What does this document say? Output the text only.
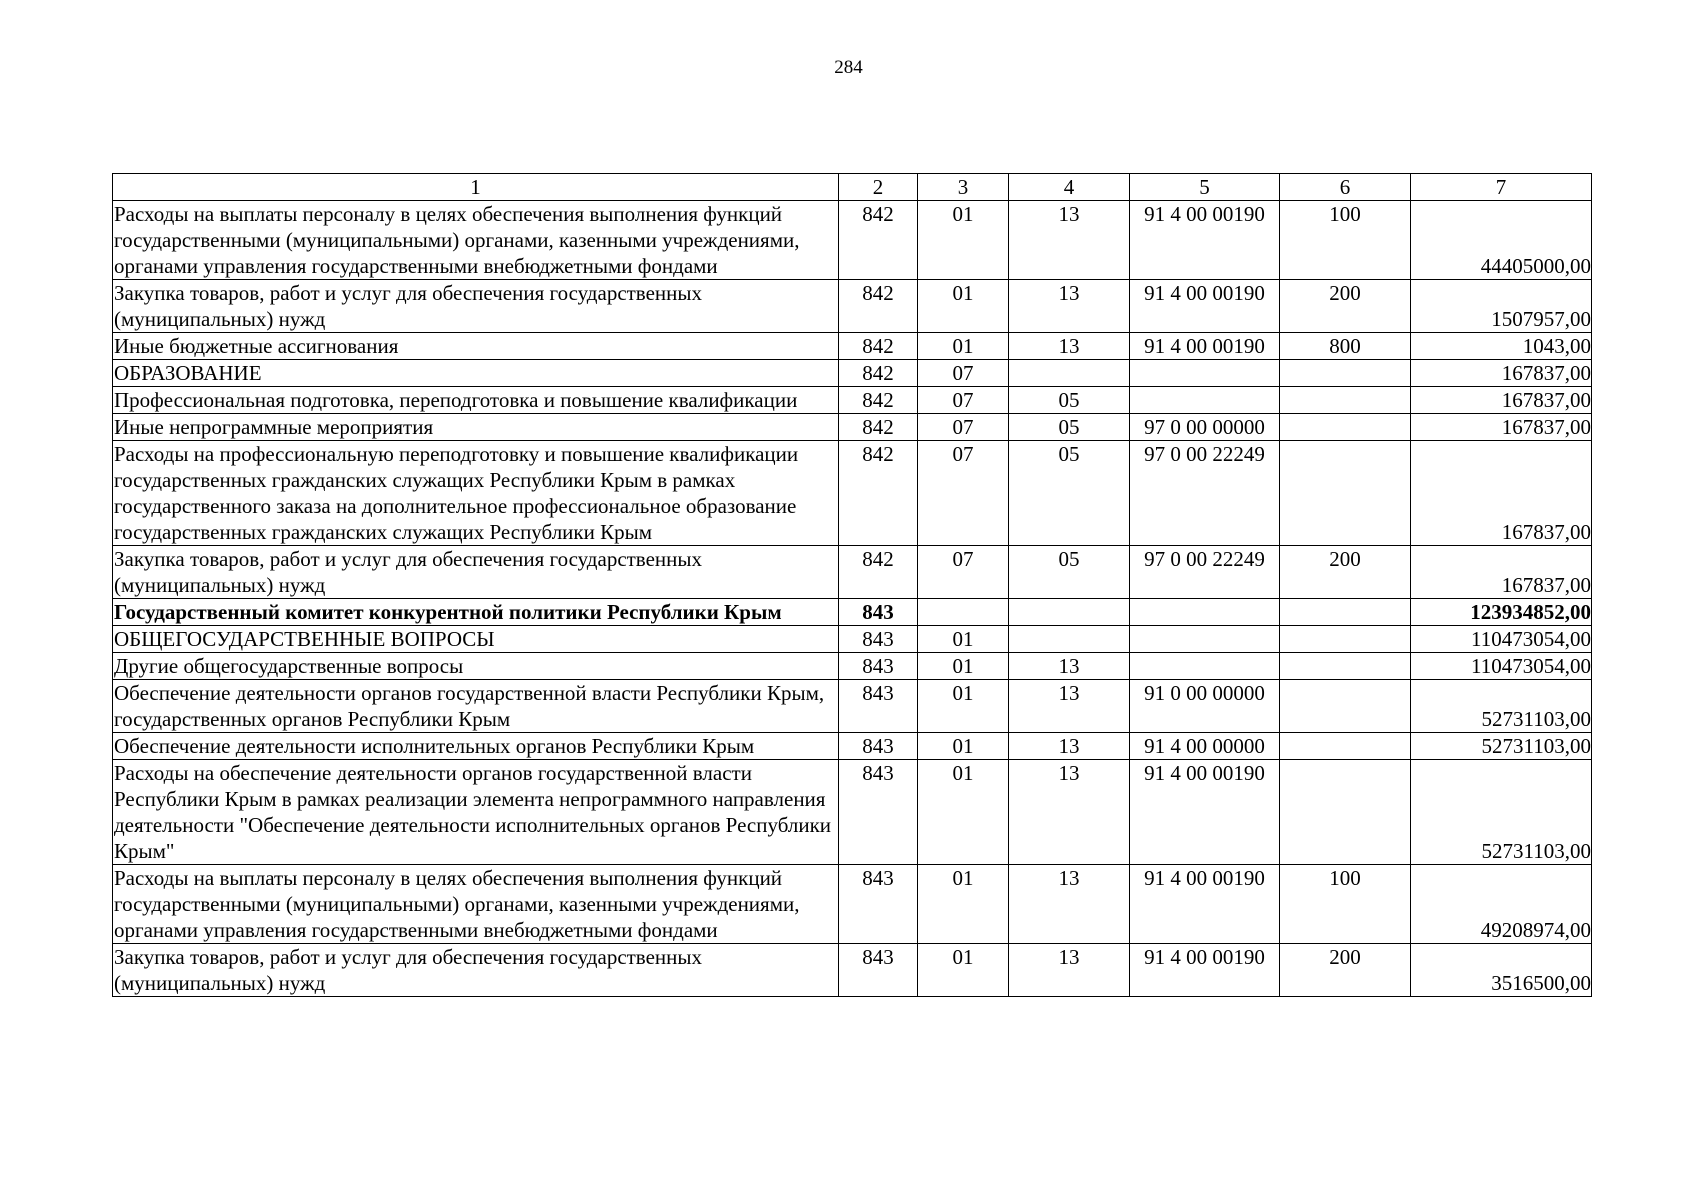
284
1	2	3	4	5	6	7
Расходы на выплаты персоналу в целях обеспечения выполнения функций государственными (муниципальными) органами, казенными учреждениями, органами управления государственными внебюджетными фондами	842	01	13	91 4 00 00190	100	44405000,00
Закупка товаров, работ и услуг для обеспечения государственных (муниципальных) нужд	842	01	13	91 4 00 00190	200	1507957,00
Иные бюджетные ассигнования	842	01	13	91 4 00 00190	800	1043,00
ОБРАЗОВАНИЕ	842	07				167837,00
Профессиональная подготовка, переподготовка и повышение квалификации	842	07	05			167837,00
Иные непрограммные мероприятия	842	07	05	97 0 00 00000		167837,00
Расходы на профессиональную переподготовку и повышение квалификации государственных гражданских служащих Республики Крым в рамках государственного заказа на дополнительное профессиональное образование государственных гражданских служащих Республики Крым	842	07	05	97 0 00 22249		167837,00
Закупка товаров, работ и услуг для обеспечения государственных (муниципальных) нужд	842	07	05	97 0 00 22249	200	167837,00
Государственный комитет конкурентной политики Республики Крым	843					123934852,00
ОБЩЕГОСУДАРСТВЕННЫЕ ВОПРОСЫ	843	01				110473054,00
Другие общегосударственные вопросы	843	01	13			110473054,00
Обеспечение деятельности органов государственной власти Республики Крым, государственных органов Республики Крым	843	01	13	91 0 00 00000		52731103,00
Обеспечение деятельности исполнительных органов Республики Крым	843	01	13	91 4 00 00000		52731103,00
Расходы на обеспечение деятельности органов государственной власти Республики Крым в рамках реализации элемента непрограммного направления деятельности "Обеспечение деятельности исполнительных органов Республики Крым"	843	01	13	91 4 00 00190		52731103,00
Расходы на выплаты персоналу в целях обеспечения выполнения функций государственными (муниципальными) органами, казенными учреждениями, органами управления государственными внебюджетными фондами	843	01	13	91 4 00 00190	100	49208974,00
Закупка товаров, работ и услуг для обеспечения государственных (муниципальных) нужд	843	01	13	91 4 00 00190	200	3516500,00
